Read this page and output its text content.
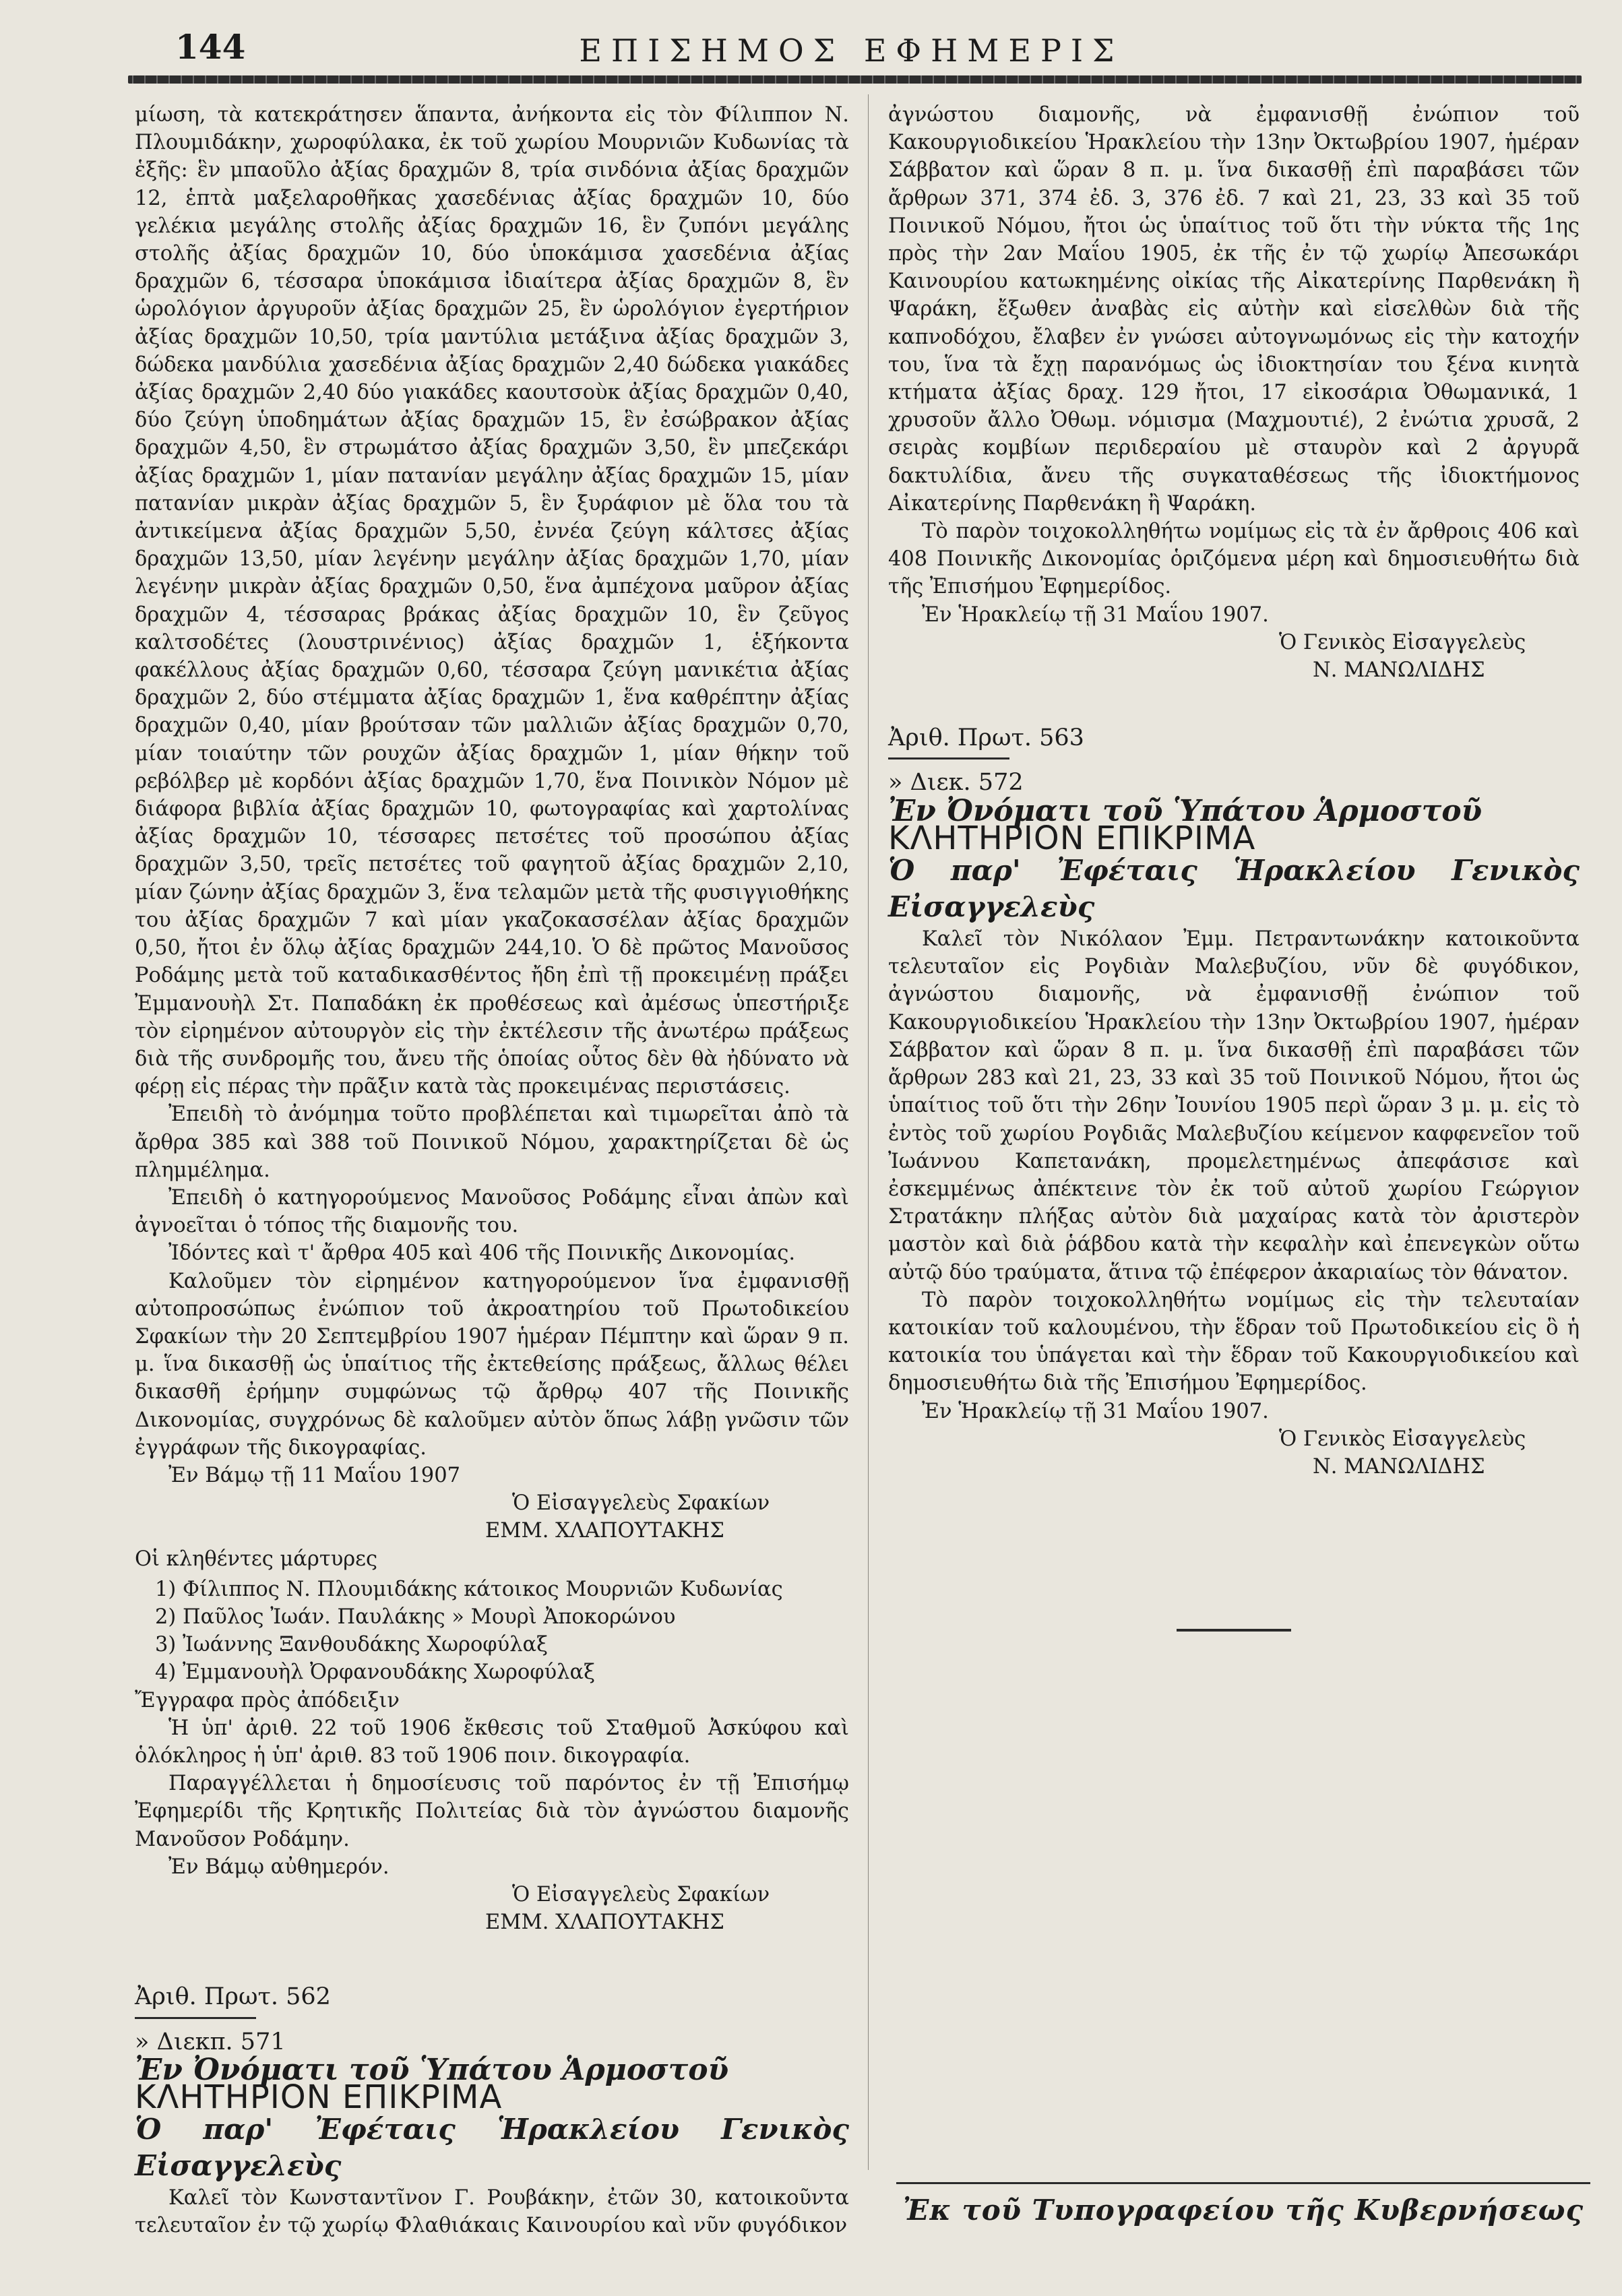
144	ΕΠΙΣΗΜΟΣ ΕΦΗΜΕΡΙΣ

μίωση, τὰ κατεκράτησεν ἅπαντα, ἀνήκοντα εἰς τὸν Φίλιππον Ν. Πλουμιδάκην, χωροφύλακα, ἐκ τοῦ χωρίου Μουρνιῶν Κυδωνίας τὰ ἑξῆς: ἓν μπαοῦλο ἀξίας δραχμῶν 8, τρία σινδόνια ἀξίας δραχμῶν 12, ἑπτὰ μαξελαροθῆκας χασεδένιας ἀξίας δραχμῶν 10, δύο γελέκια μεγάλης στολῆς ἀξίας δραχμῶν 16, ἓν ζυπόνι μεγάλης στολῆς ἀξίας δραχμῶν 10, δύο ὑποκάμισα χασεδένια ἀξίας δραχμῶν 6, τέσσαρα ὑποκάμισα ἰδιαίτερα ἀξίας δραχμῶν 8, ἓν ὡρολόγιον ἀργυροῦν ἀξίας δραχμῶν 25, ἓν ὡρολόγιον ἐγερτήριον ἀξίας δραχμῶν 10,50, τρία μαντύλια μετάξινα ἀξίας δραχμῶν 3, δώδεκα μανδύλια χασεδένια ἀξίας δραχμῶν 2,40 δώδεκα γιακάδες ἀξίας δραχμῶν 2,40 δύο γιακάδες καουτσοὺκ ἀξίας δραχμῶν 0,40, δύο ζεύγη ὑποδημάτων ἀξίας δραχμῶν 15, ἓν ἐσώβρακον ἀξίας δραχμῶν 4,50, ἓν στρωμάτσο ἀξίας δραχμῶν 3,50, ἓν μπεζεκάρι ἀξίας δραχμῶν 1, μίαν πατανίαν μεγάλην ἀξίας δραχμῶν 15, μίαν πατανίαν μικρὰν ἀξίας δραχμῶν 5, ἓν ξυράφιον μὲ ὅλα του τὰ ἀντικείμενα ἀξίας δραχμῶν 5,50, ἐννέα ζεύγη κάλτσες ἀξίας δραχμῶν 13,50, μίαν λεγένην μεγάλην ἀξίας δραχμῶν 1,70, μίαν λεγένην μικρὰν ἀξίας δραχμῶν 0,50, ἕνα ἀμπέχονα μαῦρον ἀξίας δραχμῶν 4, τέσσαρας βράκας ἀξίας δραχμῶν 10, ἓν ζεῦγος καλτσοδέτες (λουστρινένιος) ἀξίας δραχμῶν 1, ἑξήκοντα φακέλλους ἀξίας δραχμῶν 0,60, τέσσαρα ζεύγη μανικέτια ἀξίας δραχμῶν 2, δύο στέμματα ἀξίας δραχμῶν 1, ἕνα καθρέπτην ἀξίας δραχμῶν 0,40, μίαν βρούτσαν τῶν μαλλιῶν ἀξίας δραχμῶν 0,70, μίαν τοιαύτην τῶν ρουχῶν ἀξίας δραχμῶν 1, μίαν θήκην τοῦ ρεβόλβερ μὲ κορδόνι ἀξίας δραχμῶν 1,70, ἕνα Ποινικὸν Νόμον μὲ διάφορα βιβλία ἀξίας δραχμῶν 10, φωτογραφίας καὶ χαρτολίνας ἀξίας δραχμῶν 10, τέσσαρες πετσέτες τοῦ προσώπου ἀξίας δραχμῶν 3,50, τρεῖς πετσέτες τοῦ φαγητοῦ ἀξίας δραχμῶν 2,10, μίαν ζώνην ἀξίας δραχμῶν 3, ἕνα τελαμῶν μετὰ τῆς φυσιγγιοθήκης του ἀξίας δραχμῶν 7 καὶ μίαν γκαζοκασσέλαν ἀξίας δραχμῶν 0,50, ἤτοι ἐν ὅλῳ ἀξίας δραχμῶν 244,10. Ὁ δὲ πρῶτος Μανοῦσος Ροδάμης μετὰ τοῦ καταδικασθέντος ἤδη ἐπὶ τῇ προκειμένῃ πράξει Ἐμμανουὴλ Στ. Παπαδάκη ἐκ προθέσεως καὶ ἀμέσως ὑπεστήριξε τὸν εἰρημένον αὐτουργὸν εἰς τὴν ἐκτέλεσιν τῆς ἀνωτέρω πράξεως διὰ τῆς συνδρομῆς του, ἄνευ τῆς ὁποίας οὗτος δὲν θὰ ἠδύνατο νὰ φέρῃ εἰς πέρας τὴν πρᾶξιν κατὰ τὰς προκειμένας περιστάσεις.

Ἐπειδὴ τὸ ἀνόμημα τοῦτο προβλέπεται καὶ τιμωρεῖται ἀπὸ τὰ ἄρθρα 385 καὶ 388 τοῦ Ποινικοῦ Νόμου, χαρακτηρίζεται δὲ ὡς πλημμέλημα.

Ἐπειδὴ ὁ κατηγορούμενος Μανοῦσος Ροδάμης εἶναι ἀπὼν καὶ ἀγνοεῖται ὁ τόπος τῆς διαμονῆς του.

Ἰδόντες καὶ τ' ἄρθρα 405 καὶ 406 τῆς Ποινικῆς Δικονομίας.

Καλοῦμεν τὸν εἰρημένον κατηγορούμενον ἵνα ἐμφανισθῇ αὐτοπροσώπως ἐνώπιον τοῦ ἀκροατηρίου τοῦ Πρωτοδικείου Σφακίων τὴν 20 Σεπτεμβρίου 1907 ἡμέραν Πέμπτην καὶ ὥραν 9 π. μ. ἵνα δικασθῇ ὡς ὑπαίτιος τῆς ἐκτεθείσης πράξεως, ἄλλως θέλει δικασθῆ ἐρήμην συμφώνως τῷ ἄρθρῳ 407 τῆς Ποινικῆς Δικονομίας, συγχρόνως δὲ καλοῦμεν αὐτὸν ὅπως λάβῃ γνῶσιν τῶν ἐγγράφων τῆς δικογραφίας.

Ἐν Βάμῳ τῇ 11 Μαΐου 1907

Ὁ Εἰσαγγελεὺς Σφακίων

ΕΜΜ. ΧΛΑΠΟΥΤΑΚΗΣ

Οἱ κληθέντες μάρτυρες

1) Φίλιππος Ν. Πλουμιδάκης κάτοικος Μουρνιῶν Κυδωνίας
2) Παῦλος Ἰωάν. Παυλάκης » Μουρὶ Ἀποκορώνου
3) Ἰωάννης Ξανθουδάκης Χωροφύλαξ
4) Ἐμμανουὴλ Ὀρφανουδάκης Χωροφύλαξ

Ἔγγραφα πρὸς ἀπόδειξιν

Ἡ ὑπ' ἀριθ. 22 τοῦ 1906 ἔκθεσις τοῦ Σταθμοῦ Ἀσκύφου καὶ ὁλόκληρος ἡ ὑπ' ἀριθ. 83 τοῦ 1906 ποιν. δικογραφία.

Παραγγέλλεται ἡ δημοσίευσις τοῦ παρόντος ἐν τῇ Ἐπισήμῳ Ἐφημερίδι τῆς Κρητικῆς Πολιτείας διὰ τὸν ἀγνώστου διαμονῆς Μανοῦσον Ροδάμην.

Ἐν Βάμῳ αὐθημερόν.

Ὁ Εἰσαγγελεὺς Σφακίων

ΕΜΜ. ΧΛΑΠΟΥΤΑΚΗΣ

Ἀριθ. Πρωτ. 562

» Διεκπ. 571

Ἐν Ὀνόματι τοῦ Ὑπάτου Ἁρμοστοῦ

ΚΛΗΤΗΡΙΟΝ ΕΠΙΚΡΙΜΑ

Ὁ παρ' Ἐφέταις Ἡρακλείου Γενικὸς Εἰσαγγελεὺς

Καλεῖ τὸν Κωνσταντῖνον Γ. Ρουβάκην, ἐτῶν 30, κατοικοῦντα τελευταῖον ἐν τῷ χωρίῳ Φλαθιάκαις Καινουρίου καὶ νῦν φυγόδικον

ἀγνώστου διαμονῆς, νὰ ἐμφανισθῇ ἐνώπιον τοῦ Κακουργιοδικείου Ἡρακλείου τὴν 13ην Ὀκτωβρίου 1907, ἡμέραν Σάββατον καὶ ὥραν 8 π. μ. ἵνα δικασθῇ ἐπὶ παραβάσει τῶν ἄρθρων 371, 374 ἐδ. 3, 376 ἐδ. 7 καὶ 21, 23, 33 καὶ 35 τοῦ Ποινικοῦ Νόμου, ἤτοι ὡς ὑπαίτιος τοῦ ὅτι τὴν νύκτα τῆς 1ης πρὸς τὴν 2αν Μαΐου 1905, ἐκ τῆς ἐν τῷ χωρίῳ Ἀπεσωκάρι Καινουρίου κατωκημένης οἰκίας τῆς Αἰκατερίνης Παρθενάκη ἢ Ψαράκη, ἔξωθεν ἀναβὰς εἰς αὐτὴν καὶ εἰσελθὼν διὰ τῆς καπνοδόχου, ἔλαβεν ἐν γνώσει αὐτογνωμόνως εἰς τὴν κατοχήν του, ἵνα τὰ ἔχῃ παρανόμως ὡς ἰδιοκτησίαν του ξένα κινητὰ κτήματα ἀξίας δραχ. 129 ἤτοι, 17 εἰκοσάρια Ὀθωμανικά, 1 χρυσοῦν ἄλλο Ὀθωμ. νόμισμα (Μαχμουτιέ), 2 ἐνώτια χρυσᾶ, 2 σειρὰς κομβίων περιδεραίου μὲ σταυρὸν καὶ 2 ἀργυρᾶ δακτυλίδια, ἄνευ τῆς συγκαταθέσεως τῆς ἰδιοκτήμονος Αἰκατερίνης Παρθενάκη ἢ Ψαράκη.

Τὸ παρὸν τοιχοκολληθήτω νομίμως εἰς τὰ ἐν ἄρθροις 406 καὶ 408 Ποινικῆς Δικονομίας ὁριζόμενα μέρη καὶ δημοσιευθήτω διὰ τῆς Ἐπισήμου Ἐφημερίδος.

Ἐν Ἡρακλείῳ τῇ 31 Μαΐου 1907.

Ὁ Γενικὸς Εἰσαγγελεὺς

Ν. ΜΑΝΩΛΙΔΗΣ

Ἀριθ. Πρωτ. 563

» Διεκ. 572

Ἐν Ὀνόματι τοῦ Ὑπάτου Ἁρμοστοῦ

ΚΛΗΤΗΡΙΟΝ ΕΠΙΚΡΙΜΑ

Ὁ παρ' Ἐφέταις Ἡρακλείου Γενικὸς Εἰσαγγελεὺς

Καλεῖ τὸν Νικόλαον Ἐμμ. Πετραντωνάκην κατοικοῦντα τελευταῖον εἰς Ρογδιὰν Μαλεβυζίου, νῦν δὲ φυγόδικον, ἀγνώστου διαμονῆς, νὰ ἐμφανισθῇ ἐνώπιον τοῦ Κακουργιοδικείου Ἡρακλείου τὴν 13ην Ὀκτωβρίου 1907, ἡμέραν Σάββατον καὶ ὥραν 8 π. μ. ἵνα δικασθῇ ἐπὶ παραβάσει τῶν ἄρθρων 283 καὶ 21, 23, 33 καὶ 35 τοῦ Ποινικοῦ Νόμου, ἤτοι ὡς ὑπαίτιος τοῦ ὅτι τὴν 26ην Ἰουνίου 1905 περὶ ὥραν 3 μ. μ. εἰς τὸ ἐντὸς τοῦ χωρίου Ρογδιᾶς Μαλεβυζίου κείμενον καφφενεῖον τοῦ Ἰωάννου Καπετανάκη, προμελετημένως ἀπεφάσισε καὶ ἐσκεμμένως ἀπέκτεινε τὸν ἐκ τοῦ αὐτοῦ χωρίου Γεώργιον Στρατάκην πλήξας αὐτὸν διὰ μαχαίρας κατὰ τὸν ἀριστερὸν μαστὸν καὶ διὰ ῥάβδου κατὰ τὴν κεφαλὴν καὶ ἐπενεγκὼν οὕτω αὐτῷ δύο τραύματα, ἅτινα τῷ ἐπέφερον ἀκαριαίως τὸν θάνατον.

Τὸ παρὸν τοιχοκολληθήτω νομίμως εἰς τὴν τελευταίαν κατοικίαν τοῦ καλουμένου, τὴν ἕδραν τοῦ Πρωτοδικείου εἰς ὃ ἡ κατοικία του ὑπάγεται καὶ τὴν ἕδραν τοῦ Κακουργιοδικείου καὶ δημοσιευθήτω διὰ τῆς Ἐπισήμου Ἐφημερίδος.

Ἐν Ἡρακλείῳ τῇ 31 Μαΐου 1907.

Ὁ Γενικὸς Εἰσαγγελεὺς

Ν. ΜΑΝΩΛΙΔΗΣ

Ἐκ τοῦ Τυπογραφείου τῆς Κυβερνήσεως
